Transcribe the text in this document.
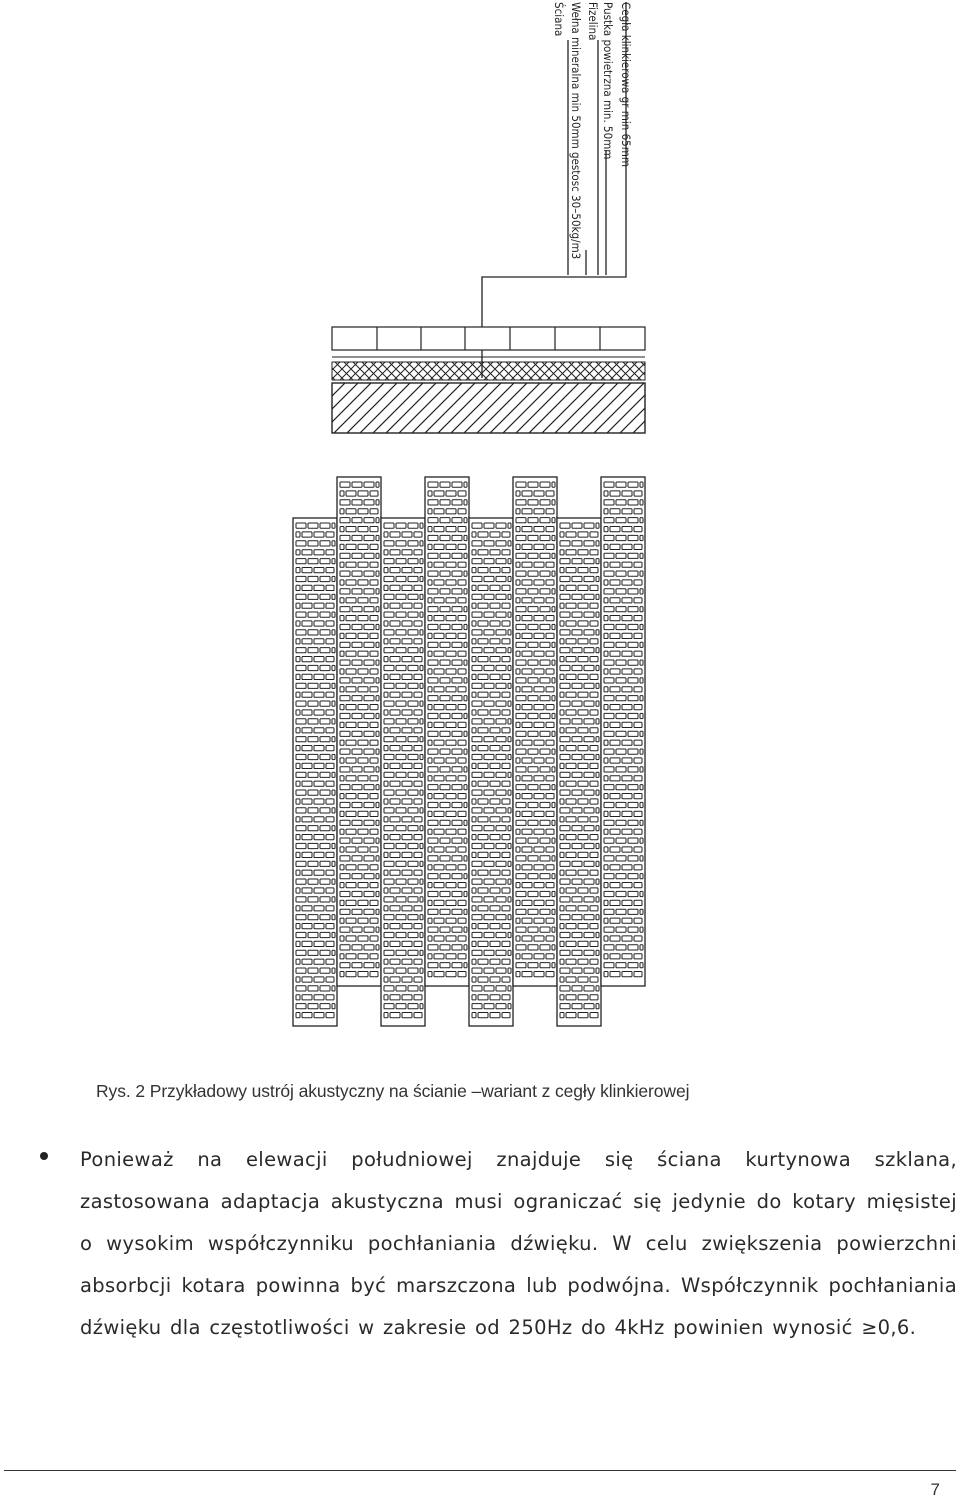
Cegła klinkierowa gr min 65mm
Pustka powietrzna min. 50mm
Fizelina
Wełna mineralna min 50mm gestosc 30–50kg/m3
Ściana
Rys. 2 Przykładowy ustrój akustyczny na ścianie –wariant z cegły klinkierowej
Ponieważ na elewacji południowej znajduje się ściana kurtynowa szklana, zastosowana adaptacja akustyczna musi ograniczać się jedynie do kotary mięsistej o wysokim współczynniku pochłaniania dźwięku. W celu zwiększenia powierzchni absorbcji kotara powinna być marszczona lub podwójna. Współczynnik pochłaniania dźwięku dla częstotliwości w zakresie od 250Hz do 4kHz powinien wynosić ≥0,6.
7
